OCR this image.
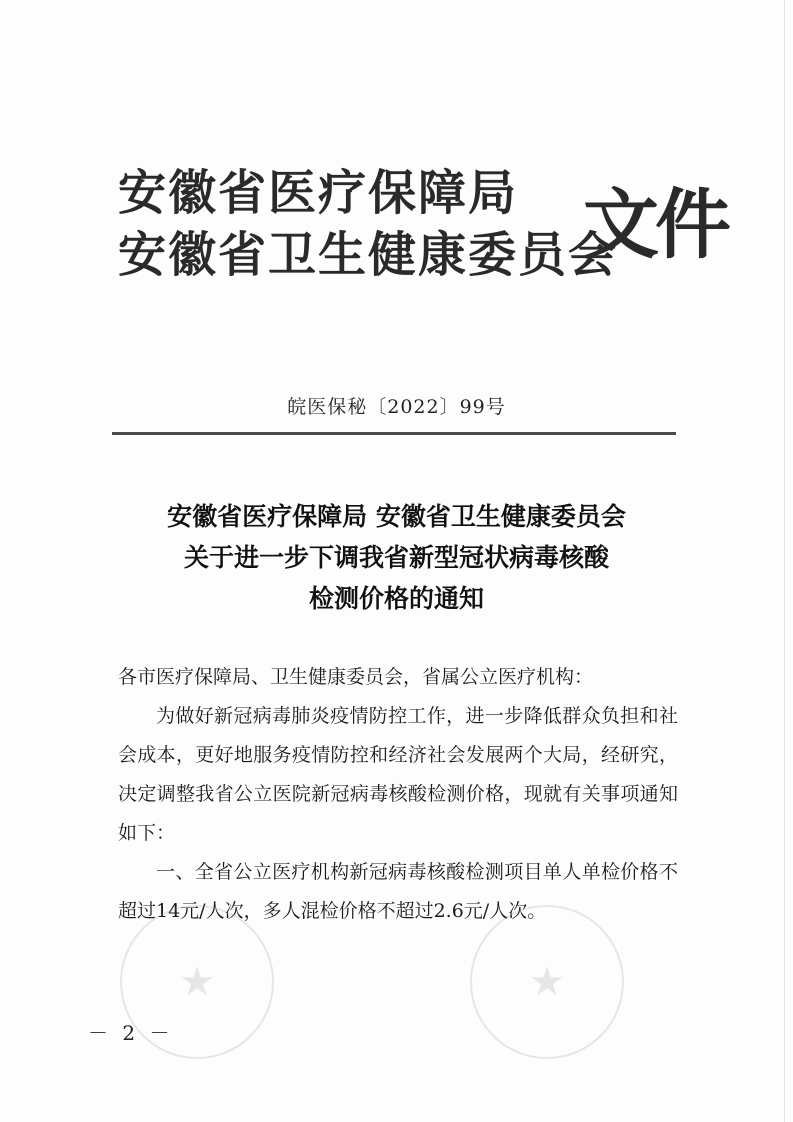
安徽省医疗保障局
安徽省卫生健康委员会
文件
皖医保秘〔2022〕99号
安徽省医疗保障局 安徽省卫生健康委员会
关于进一步下调我省新型冠状病毒核酸
检测价格的通知

各市医疗保障局、卫生健康委员会，省属公立医疗机构：

为做好新冠病毒肺炎疫情防控工作，进一步降低群众负担和社会成本，更好地服务疫情防控和经济社会发展两个大局，经研究，决定调整我省公立医院新冠病毒核酸检测价格，现就有关事项通知如下：

一、全省公立医疗机构新冠病毒核酸检测项目单人单检价格不超过14元/人次，多人混检价格不超过2.6元/人次。

★	★
－ 2 －
